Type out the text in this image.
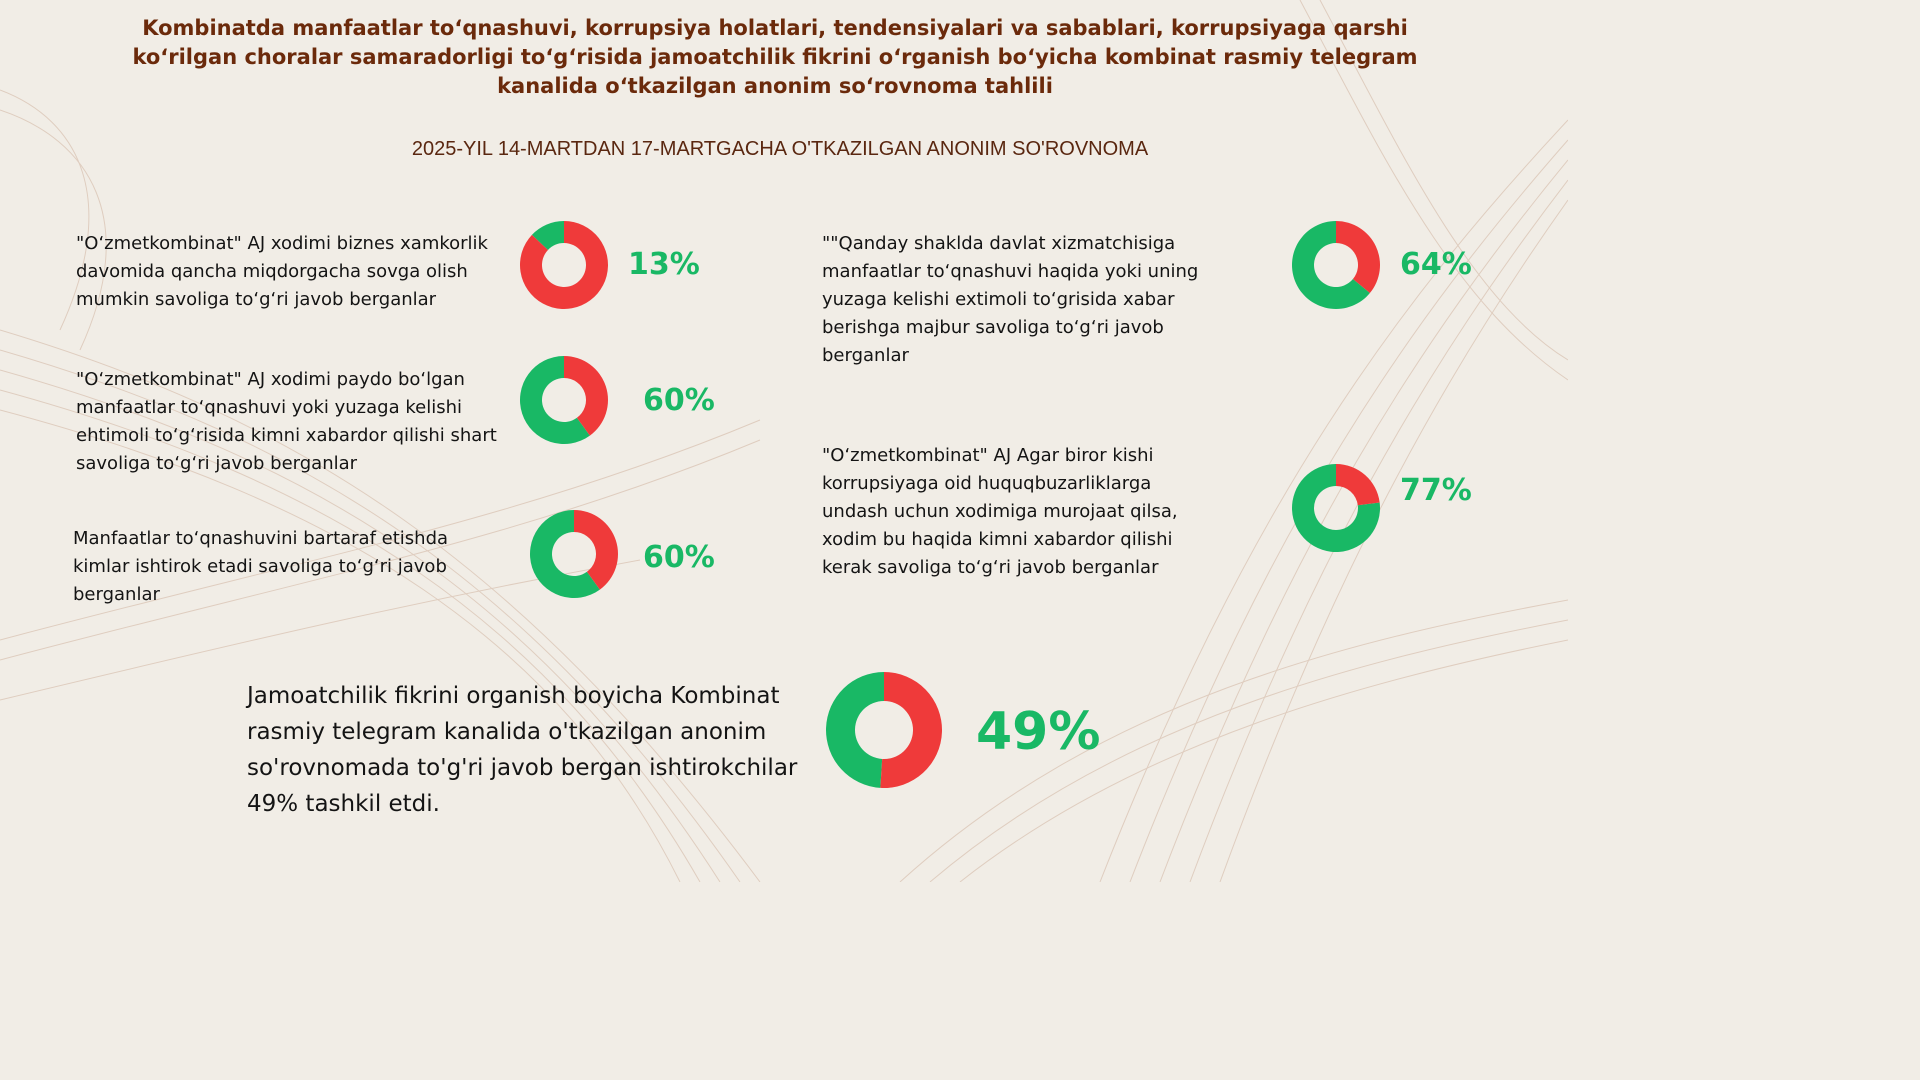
Kombinatda manfaatlar to‘qnashuvi, korrupsiya holatlari, tendensiyalari va sabablari, korrupsiyaga qarshi ko‘rilgan choralar samaradorligi to‘g‘risida jamoatchilik fikrini o‘rganish bo‘yicha kombinat rasmiy telegram kanalida o‘tkazilgan anonim so‘rovnoma tahlili
2025-YIL 14-MARTDAN 17-MARTGACHA O'TKAZILGAN ANONIM SO'ROVNOMA
"O‘zmetkombinat" AJ xodimi biznes xamkorlik davomida qancha miqdorgacha sovga olish mumkin savoliga to‘g‘ri javob berganlar
13%
"O‘zmetkombinat" AJ xodimi paydo bo‘lgan manfaatlar to‘qnashuvi yoki yuzaga kelishi ehtimoli to‘g‘risida kimni xabardor qilishi shart savoliga to‘g‘ri javob berganlar
60%
Manfaatlar to‘qnashuvini bartaraf etishda kimlar ishtirok etadi savoliga to‘g‘ri javob berganlar
60%
""Qanday shaklda davlat xizmatchisiga manfaatlar to‘qnashuvi haqida yoki uning yuzaga kelishi extimoli to‘grisida xabar berishga majbur savoliga to‘g‘ri javob berganlar
64%
"O‘zmetkombinat" AJ Agar biror kishi korrupsiyaga oid huquqbuzarliklarga undash uchun xodimiga murojaat qilsa, xodim bu haqida kimni xabardor qilishi kerak savoliga to‘g‘ri javob berganlar
77%
Jamoatchilik fikrini organish boyicha Kombinat rasmiy telegram kanalida o'tkazilgan anonim so'rovnomada to'g'ri javob bergan ishtirokchilar 49% tashkil etdi.
49%
